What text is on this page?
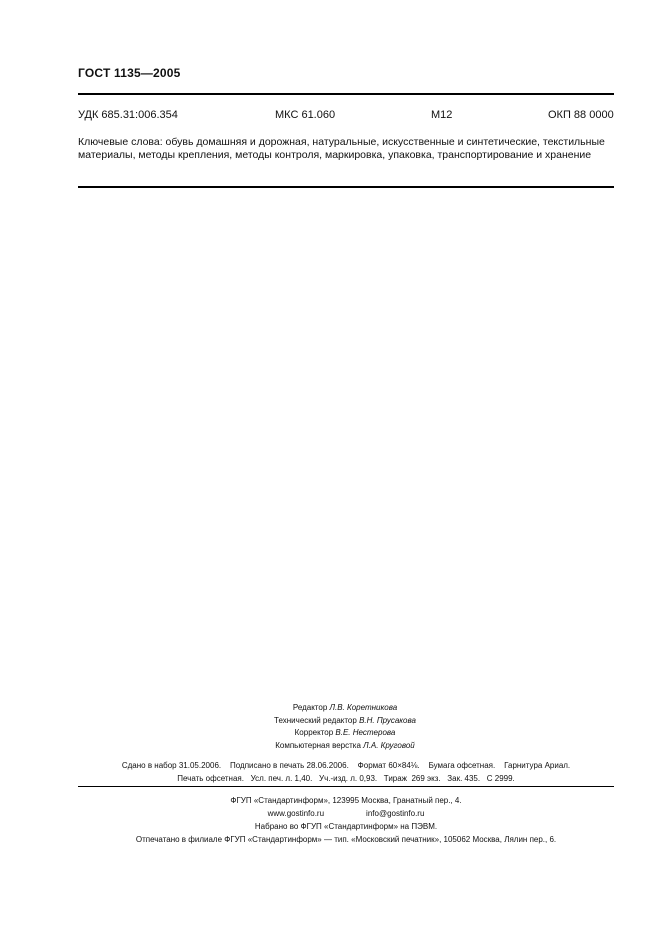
ГОСТ 1135—2005
УДК 685.31:006.354	МКС 61.060	М12	ОКП 88 0000
Ключевые слова: обувь домашняя и дорожная, натуральные, искусственные и синтетические, текстильные материалы, методы крепления, методы контроля, маркировка, упаковка, транспортирование и хранение
Редактор Л.В. Коретникова
Технический редактор В.Н. Прусакова
Корректор В.Е. Нестерова
Компьютерная верстка Л.А. Круговой
Сдано в набор 31.05.2006.    Подписано в печать 28.06.2006.    Формат 60×84⅛.    Бумага офсетная.    Гарнитура Ариал.
Печать офсетная.   Усл. печ. л. 1,40.   Уч.-изд. л. 0,93.   Тираж  269 экз.   Зак. 435.   С 2999.
ФГУП «Стандартинформ», 123995 Москва, Гранатный пер., 4.
www.gostinfo.ru	info@gostinfo.ru
Набрано во ФГУП «Стандартинформ» на ПЭВМ.
Отпечатано в филиале ФГУП «Стандартинформ» — тип. «Московский печатник», 105062 Москва, Лялин пер., 6.
